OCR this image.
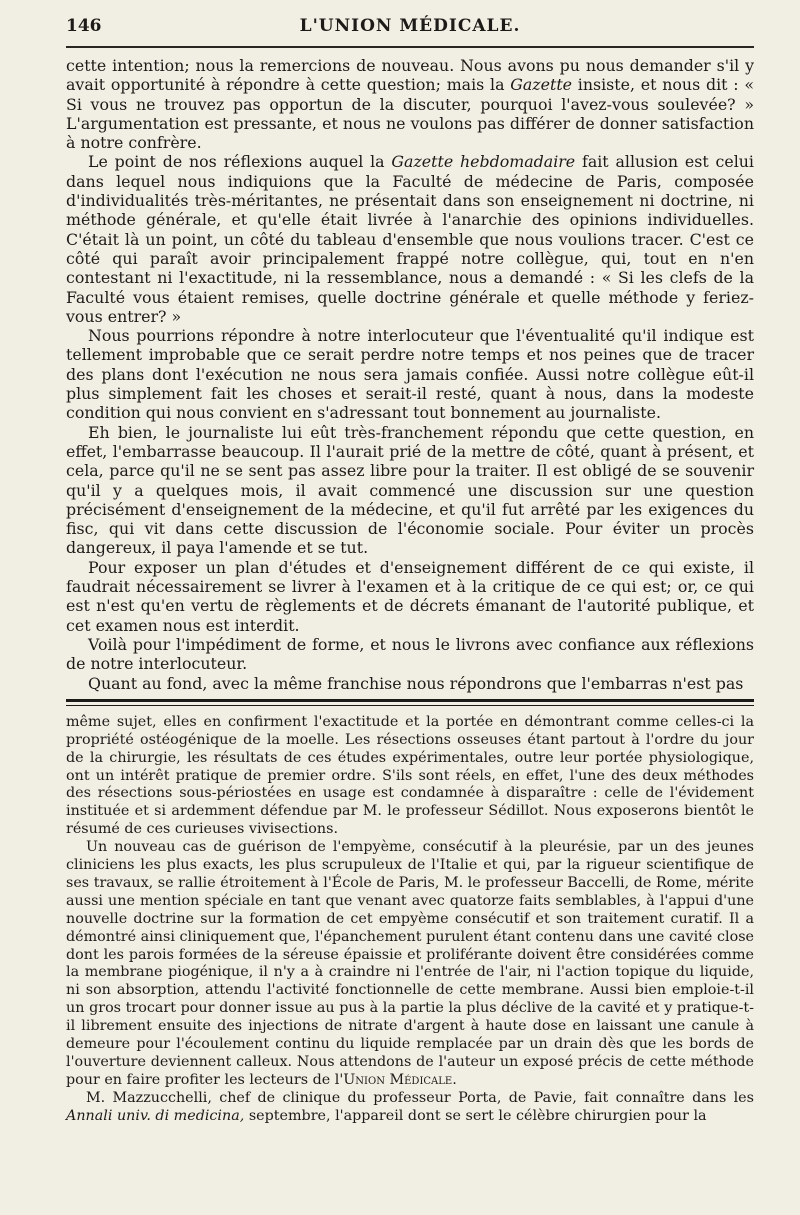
146	L'UNION MÉDICALE.

cette intention; nous la remercions de nouveau. Nous avons pu nous demander s'il y avait opportunité à répondre à cette question; mais la Gazette insiste, et nous dit : « Si vous ne trouvez pas opportun de la discuter, pourquoi l'avez-vous soulevée? » L'argumentation est pressante, et nous ne voulons pas différer de donner satisfaction à notre confrère.

Le point de nos réflexions auquel la Gazette hebdomadaire fait allusion est celui dans lequel nous indiquions que la Faculté de médecine de Paris, composée d'individualités très-méritantes, ne présentait dans son enseignement ni doctrine, ni méthode générale, et qu'elle était livrée à l'anarchie des opinions individuelles. C'était là un point, un côté du tableau d'ensemble que nous voulions tracer. C'est ce côté qui paraît avoir principalement frappé notre collègue, qui, tout en n'en contestant ni l'exactitude, ni la ressemblance, nous a demandé : « Si les clefs de la Faculté vous étaient remises, quelle doctrine générale et quelle méthode y feriez-vous entrer? »

Nous pourrions répondre à notre interlocuteur que l'éventualité qu'il indique est tellement improbable que ce serait perdre notre temps et nos peines que de tracer des plans dont l'exécution ne nous sera jamais confiée. Aussi notre collègue eût-il plus simplement fait les choses et serait-il resté, quant à nous, dans la modeste condition qui nous convient en s'adressant tout bonnement au journaliste.

Eh bien, le journaliste lui eût très-franchement répondu que cette question, en effet, l'embarrasse beaucoup. Il l'aurait prié de la mettre de côté, quant à présent, et cela, parce qu'il ne se sent pas assez libre pour la traiter. Il est obligé de se souvenir qu'il y a quelques mois, il avait commencé une discussion sur une question précisément d'enseignement de la médecine, et qu'il fut arrêté par les exigences du fisc, qui vit dans cette discussion de l'économie sociale. Pour éviter un procès dangereux, il paya l'amende et se tut.

Pour exposer un plan d'études et d'enseignement différent de ce qui existe, il faudrait nécessairement se livrer à l'examen et à la critique de ce qui est; or, ce qui est n'est qu'en vertu de règlements et de décrets émanant de l'autorité publique, et cet examen nous est interdit.

Voilà pour l'impédiment de forme, et nous le livrons avec confiance aux réflexions de notre interlocuteur.

Quant au fond, avec la même franchise nous répondrons que l'embarras n'est pas

même sujet, elles en confirment l'exactitude et la portée en démontrant comme celles-ci la propriété ostéogénique de la moelle. Les résections osseuses étant partout à l'ordre du jour de la chirurgie, les résultats de ces études expérimentales, outre leur portée physiologique, ont un intérêt pratique de premier ordre. S'ils sont réels, en effet, l'une des deux méthodes des résections sous-périostées en usage est condamnée à disparaître : celle de l'évidement instituée et si ardemment défendue par M. le professeur Sédillot. Nous exposerons bientôt le résumé de ces curieuses vivisections.

Un nouveau cas de guérison de l'empyème, consécutif à la pleurésie, par un des jeunes cliniciens les plus exacts, les plus scrupuleux de l'Italie et qui, par la rigueur scientifique de ses travaux, se rallie étroitement à l'École de Paris, M. le professeur Baccelli, de Rome, mérite aussi une mention spéciale en tant que venant avec quatorze faits semblables, à l'appui d'une nouvelle doctrine sur la formation de cet empyème consécutif et son traitement curatif. Il a démontré ainsi cliniquement que, l'épanchement purulent étant contenu dans une cavité close dont les parois formées de la séreuse épaissie et proliférante doivent être considérées comme la membrane piogénique, il n'y a à craindre ni l'entrée de l'air, ni l'action topique du liquide, ni son absorption, attendu l'activité fonctionnelle de cette membrane. Aussi bien emploie-t-il un gros trocart pour donner issue au pus à la partie la plus déclive de la cavité et y pratique-t-il librement ensuite des injections de nitrate d'argent à haute dose en laissant une canule à demeure pour l'écoulement continu du liquide remplacée par un drain dès que les bords de l'ouverture deviennent calleux. Nous attendons de l'auteur un exposé précis de cette méthode pour en faire profiter les lecteurs de l'Union Médicale.

M. Mazzucchelli, chef de clinique du professeur Porta, de Pavie, fait connaître dans les Annali univ. di medicina, septembre, l'appareil dont se sert le célèbre chirurgien pour la
